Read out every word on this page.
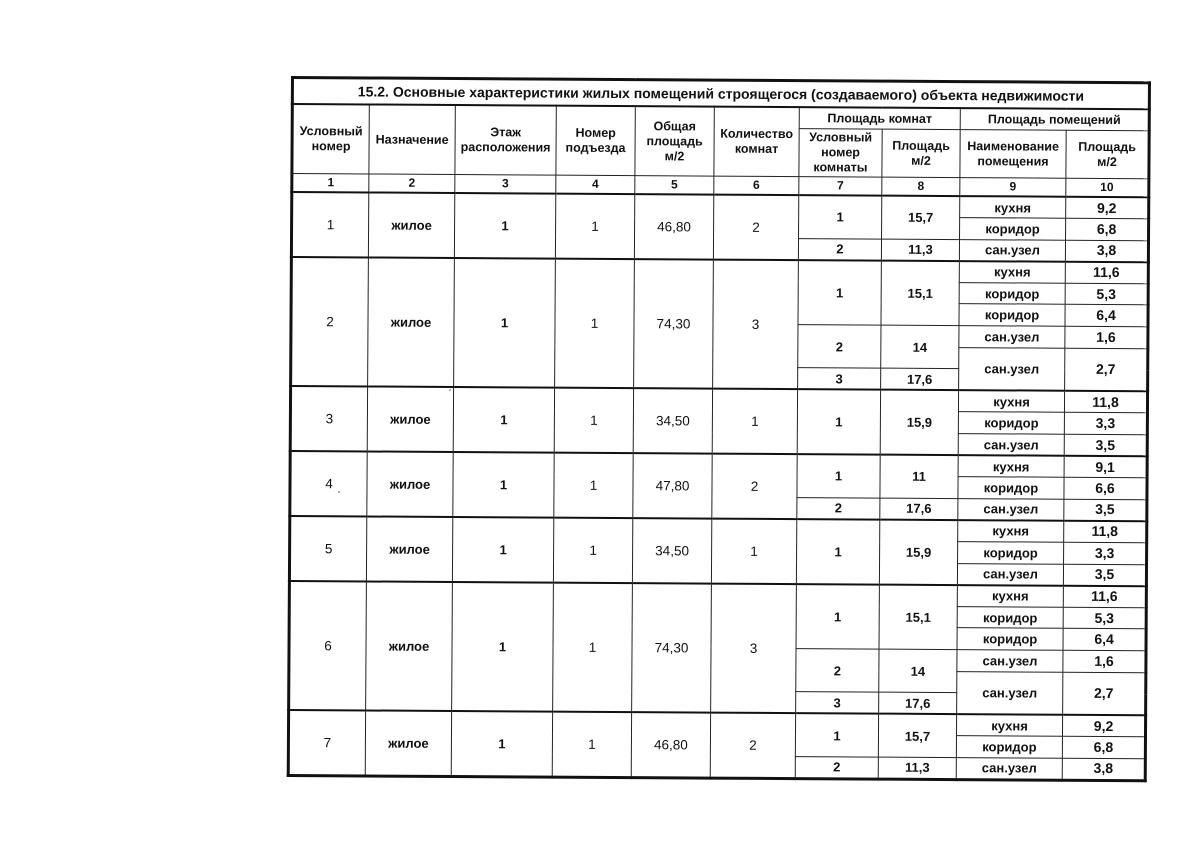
15.2. Основные характеристики жилых помещений строящегося (создаваемого) объекта недвижимости									
Условный номер	Назначение	Этаж расположения	Номер подъезда	Общая площадь м/2	Количество комнат	Площадь комнат		Площадь помещений	
						Условный номер комнаты	Площадь м/2	Наименование помещения	Площадь м/2
1	2	3	4	5	6	7	8	9	10
1	жилое	1	1	46,80	2	1	15,7	кухня	9,2
								коридор	6,8
						2	11,3	сан.узел	3,8
2	жилое	1	1	74,30	3	1	15,1	кухня	11,6
								коридор	5,3
								коридор	6,4
						2	14	сан.узел	1,6
								сан.узел	2,7
						3	17,6		
3	жилое	1	1	34,50	1	1	15,9	кухня	11,8
								коридор	3,3
								сан.узел	3,5
4	жилое	1	1	47,80	2	1	11	кухня	9,1
								коридор	6,6
						2	17,6	сан.узел	3,5
5	жилое	1	1	34,50	1	1	15,9	кухня	11,8
								коридор	3,3
								сан.узел	3,5
6	жилое	1	1	74,30	3	1	15,1	кухня	11,6
								коридор	5,3
								коридор	6,4
						2	14	сан.узел	1,6
								сан.узел	2,7
						3	17,6		
7	жилое	1	1	46,80	2	1	15,7	кухня	9,2
								коридор	6,8
						2	11,3	сан.узел	3,8
